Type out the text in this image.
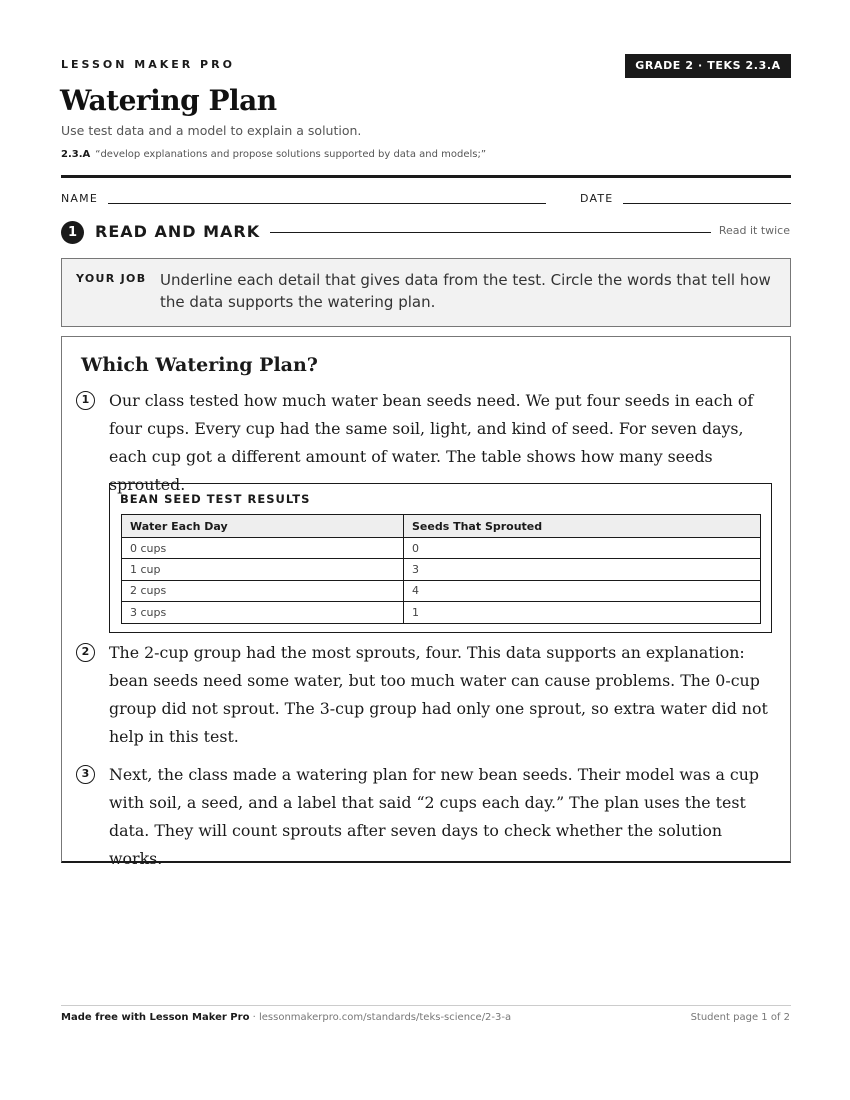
LESSON MAKER PRO	GRADE 2 · TEKS 2.3.A
Watering Plan
Use test data and a model to explain a solution.
2.3.A “develop explanations and propose solutions supported by data and models;”
NAME	DATE
1	READ AND MARK	Read it twice
YOUR JOB Underline each detail that gives data from the test. Circle the words that tell how the data supports the watering plan.
Which Watering Plan?
1	Our class tested how much water bean seeds need. We put four seeds in each of four cups. Every cup had the same soil, light, and kind of seed. For seven days, each cup got a different amount of water. The table shows how many seeds sprouted.
BEAN SEED TEST RESULTS
Water Each Day	Seeds That Sprouted
0 cups	0
1 cup	3
2 cups	4
3 cups	1
2	The 2-cup group had the most sprouts, four. This data supports an explanation: bean seeds need some water, but too much water can cause problems. The 0-cup group did not sprout. The 3-cup group had only one sprout, so extra water did not help in this test.
3	Next, the class made a watering plan for new bean seeds. Their model was a cup with soil, a seed, and a label that said “2 cups each day.” The plan uses the test data. They will count sprouts after seven days to check whether the solution works.
Made free with Lesson Maker Pro · lessonmakerpro.com/standards/teks-science/2-3-a	Student page 1 of 2
